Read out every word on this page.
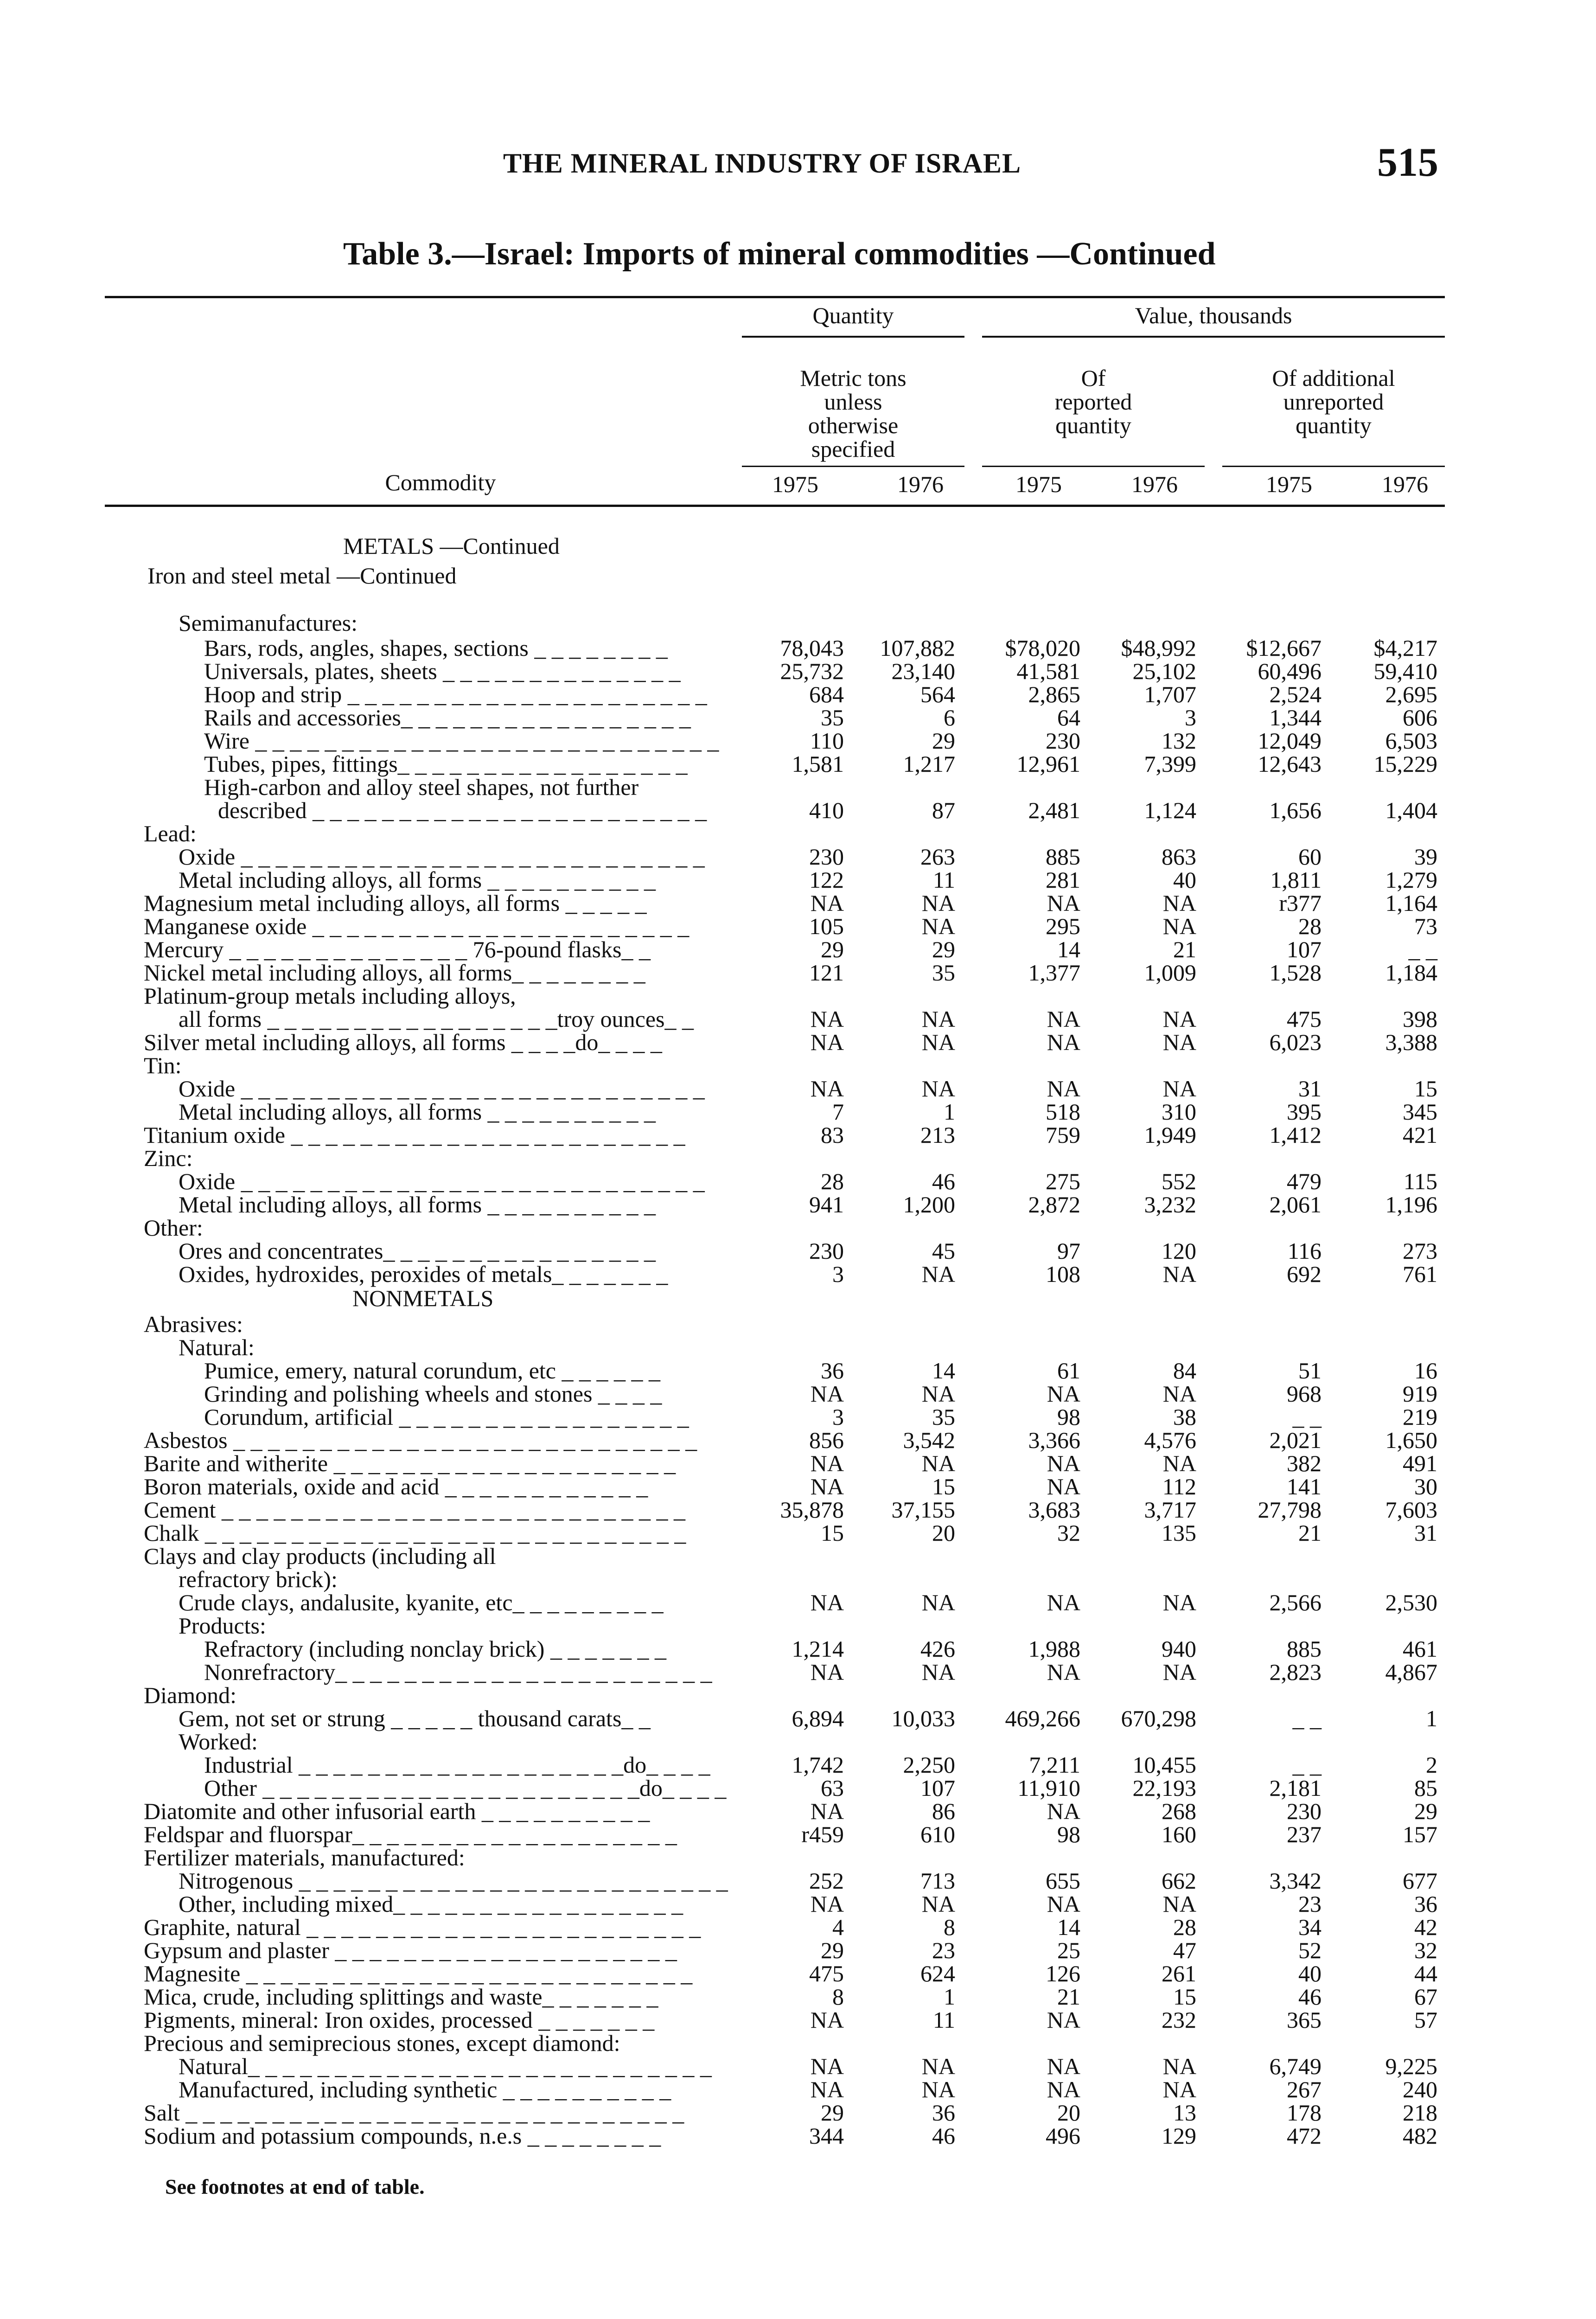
THE MINERAL INDUSTRY OF ISRAEL	515
Table 3.—Israel: Imports of mineral commodities —Continued
Quantity	Value, thousands
Metric tons
unless
otherwise
specified
Of
reported
quantity
Of additional
unreported
quantity
Commodity	1975	1976	1975	1976	1975	1976
METALS —Continued
Iron and steel metal —Continued
NONMETALS
Semimanufactures:
Bars, rods, angles, shapes, sections _ _ _ _ _ _ _ _	78,043	107,882	$78,020	$48,992	$12,667	$4,217
Universals, plates, sheets _ _ _ _ _ _ _ _ _ _ _ _ _ _	25,732	23,140	41,581	25,102	60,496	59,410
Hoop and strip _ _ _ _ _ _ _ _ _ _ _ _ _ _ _ _ _ _ _ _ _	684	564	2,865	1,707	2,524	2,695
Rails and accessories_ _ _ _ _ _ _ _ _ _ _ _ _ _ _ _ _	35	6	64	3	1,344	606
Wire _ _ _ _ _ _ _ _ _ _ _ _ _ _ _ _ _ _ _ _ _ _ _ _ _ _ _	110	29	230	132	12,049	6,503
Tubes, pipes, fittings_ _ _ _ _ _ _ _ _ _ _ _ _ _ _ _ _	1,581	1,217	12,961	7,399	12,643	15,229
High-carbon and alloy steel shapes, not further
described _ _ _ _ _ _ _ _ _ _ _ _ _ _ _ _ _ _ _ _ _ _ _	410	87	2,481	1,124	1,656	1,404
Lead:
Oxide _ _ _ _ _ _ _ _ _ _ _ _ _ _ _ _ _ _ _ _ _ _ _ _ _ _ _	230	263	885	863	60	39
Metal including alloys, all forms _ _ _ _ _ _ _ _ _ _	122	11	281	40	1,811	1,279
Magnesium metal including alloys, all forms _ _ _ _ _	NA	NA	NA	NA	r377	1,164
Manganese oxide _ _ _ _ _ _ _ _ _ _ _ _ _ _ _ _ _ _ _ _ _ _	105	NA	295	NA	28	73
Mercury _ _ _ _ _ _ _ _ _ _ _ _ _ _ 76-pound flasks_ _	29	29	14	21	107	_ _
Nickel metal including alloys, all forms_ _ _ _ _ _ _ _	121	35	1,377	1,009	1,528	1,184
Platinum-group metals including alloys,
all forms _ _ _ _ _ _ _ _ _ _ _ _ _ _ _ _ _troy ounces_ _	NA	NA	NA	NA	475	398
Silver metal including alloys, all forms _ _ _ _do_ _ _ _	NA	NA	NA	NA	6,023	3,388
Tin:
Oxide _ _ _ _ _ _ _ _ _ _ _ _ _ _ _ _ _ _ _ _ _ _ _ _ _ _ _	NA	NA	NA	NA	31	15
Metal including alloys, all forms _ _ _ _ _ _ _ _ _ _	7	1	518	310	395	345
Titanium oxide _ _ _ _ _ _ _ _ _ _ _ _ _ _ _ _ _ _ _ _ _ _ _	83	213	759	1,949	1,412	421
Zinc:
Oxide _ _ _ _ _ _ _ _ _ _ _ _ _ _ _ _ _ _ _ _ _ _ _ _ _ _ _	28	46	275	552	479	115
Metal including alloys, all forms _ _ _ _ _ _ _ _ _ _	941	1,200	2,872	3,232	2,061	1,196
Other:
Ores and concentrates_ _ _ _ _ _ _ _ _ _ _ _ _ _ _ _	230	45	97	120	116	273
Oxides, hydroxides, peroxides of metals_ _ _ _ _ _ _	3	NA	108	NA	692	761
Abrasives:
Natural:
Pumice, emery, natural corundum, etc _ _ _ _ _ _	36	14	61	84	51	16
Grinding and polishing wheels and stones _ _ _ _	NA	NA	NA	NA	968	919
Corundum, artificial _ _ _ _ _ _ _ _ _ _ _ _ _ _ _ _ _	3	35	98	38	_ _	219
Asbestos _ _ _ _ _ _ _ _ _ _ _ _ _ _ _ _ _ _ _ _ _ _ _ _ _ _ _	856	3,542	3,366	4,576	2,021	1,650
Barite and witherite _ _ _ _ _ _ _ _ _ _ _ _ _ _ _ _ _ _ _ _	NA	NA	NA	NA	382	491
Boron materials, oxide and acid _ _ _ _ _ _ _ _ _ _ _ _	NA	15	NA	112	141	30
Cement _ _ _ _ _ _ _ _ _ _ _ _ _ _ _ _ _ _ _ _ _ _ _ _ _ _ _	35,878	37,155	3,683	3,717	27,798	7,603
Chalk _ _ _ _ _ _ _ _ _ _ _ _ _ _ _ _ _ _ _ _ _ _ _ _ _ _ _ _	15	20	32	135	21	31
Clays and clay products (including all
refractory brick):
Crude clays, andalusite, kyanite, etc_ _ _ _ _ _ _ _ _	NA	NA	NA	NA	2,566	2,530
Products:
Refractory (including nonclay brick) _ _ _ _ _ _ _	1,214	426	1,988	940	885	461
Nonrefractory_ _ _ _ _ _ _ _ _ _ _ _ _ _ _ _ _ _ _ _ _ _	NA	NA	NA	NA	2,823	4,867
Diamond:
Gem, not set or strung _ _ _ _ _ thousand carats_ _	6,894	10,033	469,266	670,298	_ _	1
Worked:
Industrial _ _ _ _ _ _ _ _ _ _ _ _ _ _ _ _ _ _ _do_ _ _ _	1,742	2,250	7,211	10,455	_ _	2
Other _ _ _ _ _ _ _ _ _ _ _ _ _ _ _ _ _ _ _ _ _ _do_ _ _ _	63	107	11,910	22,193	2,181	85
Diatomite and other infusorial earth _ _ _ _ _ _ _ _ _ _	NA	86	NA	268	230	29
Feldspar and fluorspar_ _ _ _ _ _ _ _ _ _ _ _ _ _ _ _ _ _ _	r459	610	98	160	237	157
Fertilizer materials, manufactured:
Nitrogenous _ _ _ _ _ _ _ _ _ _ _ _ _ _ _ _ _ _ _ _ _ _ _ _ _	252	713	655	662	3,342	677
Other, including mixed_ _ _ _ _ _ _ _ _ _ _ _ _ _ _ _ _	NA	NA	NA	NA	23	36
Graphite, natural _ _ _ _ _ _ _ _ _ _ _ _ _ _ _ _ _ _ _ _ _ _ _	4	8	14	28	34	42
Gypsum and plaster _ _ _ _ _ _ _ _ _ _ _ _ _ _ _ _ _ _ _ _	29	23	25	47	52	32
Magnesite _ _ _ _ _ _ _ _ _ _ _ _ _ _ _ _ _ _ _ _ _ _ _ _ _ _	475	624	126	261	40	44
Mica, crude, including splittings and waste_ _ _ _ _ _ _	8	1	21	15	46	67
Pigments, mineral: Iron oxides, processed _ _ _ _ _ _ _	NA	11	NA	232	365	57
Precious and semiprecious stones, except diamond:
Natural_ _ _ _ _ _ _ _ _ _ _ _ _ _ _ _ _ _ _ _ _ _ _ _ _ _ _	NA	NA	NA	NA	6,749	9,225
Manufactured, including synthetic _ _ _ _ _ _ _ _ _ _	NA	NA	NA	NA	267	240
Salt _ _ _ _ _ _ _ _ _ _ _ _ _ _ _ _ _ _ _ _ _ _ _ _ _ _ _ _ _	29	36	20	13	178	218
Sodium and potassium compounds, n.e.s _ _ _ _ _ _ _ _	344	46	496	129	472	482
See footnotes at end of table.
